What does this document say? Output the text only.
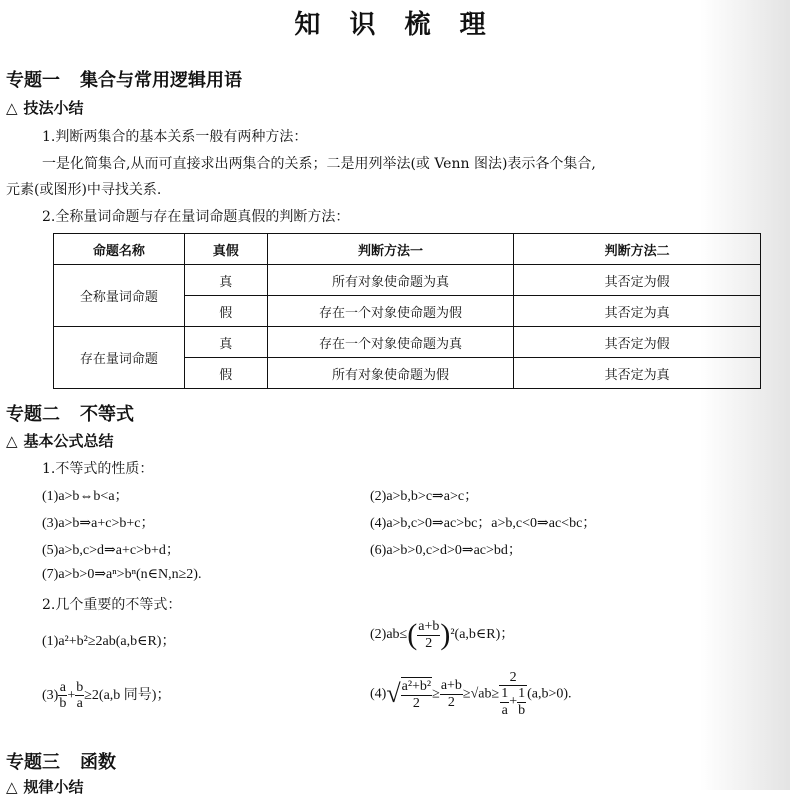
知 识 梳 理
专题一 集合与常用逻辑用语
△ 技法小结
1.判断两集合的基本关系一般有两种方法：
一是化简集合,从而可直接求出两集合的关系；二是用列举法(或 Venn 图法)表示各个集合,
元素(或图形)中寻找关系.
2.全称量词命题与存在量词命题真假的判断方法：
命题名称	真假	判断方法一	判断方法二
全称量词命题	真	所有对象使命题为真	其否定为假
	假	存在一个对象使命题为假	其否定为真
存在量词命题	真	存在一个对象使命题为真	其否定为假
	假	所有对象使命题为假	其否定为真
专题二 不等式
△ 基本公式总结
1.不等式的性质：
(1)a>b⇔b<a；	(2)a>b,b>c⇒a>c；
(3)a>b⇒a+c>b+c；	(4)a>b,c>0⇒ac>bc；a>b,c<0⇒ac<bc；
(5)a>b,c>d⇒a+c>b+d；	(6)a>b>0,c>d>0⇒ac>bd；
(7)a>b>0⇒aⁿ>bⁿ(n∈N,n≥2).
2.几个重要的不等式：
(1)a²+b²≥2ab(a,b∈R)；	$(2)ab\le( \frac{a+b}{2}$ )²(a,b∈R)；
$(3) \frac{a}{b} + \frac{b}{a} \ge 2(a,b$ 同号)；	$(4)√ \frac{\text{a²+b²}}{2} \ge \frac{a+b}{2} \ge√ab\ge \frac{2}{\frac{1}{a} + \frac{1}{b}} (a,b>0)$.
专题三 函数
△ 规律小结
